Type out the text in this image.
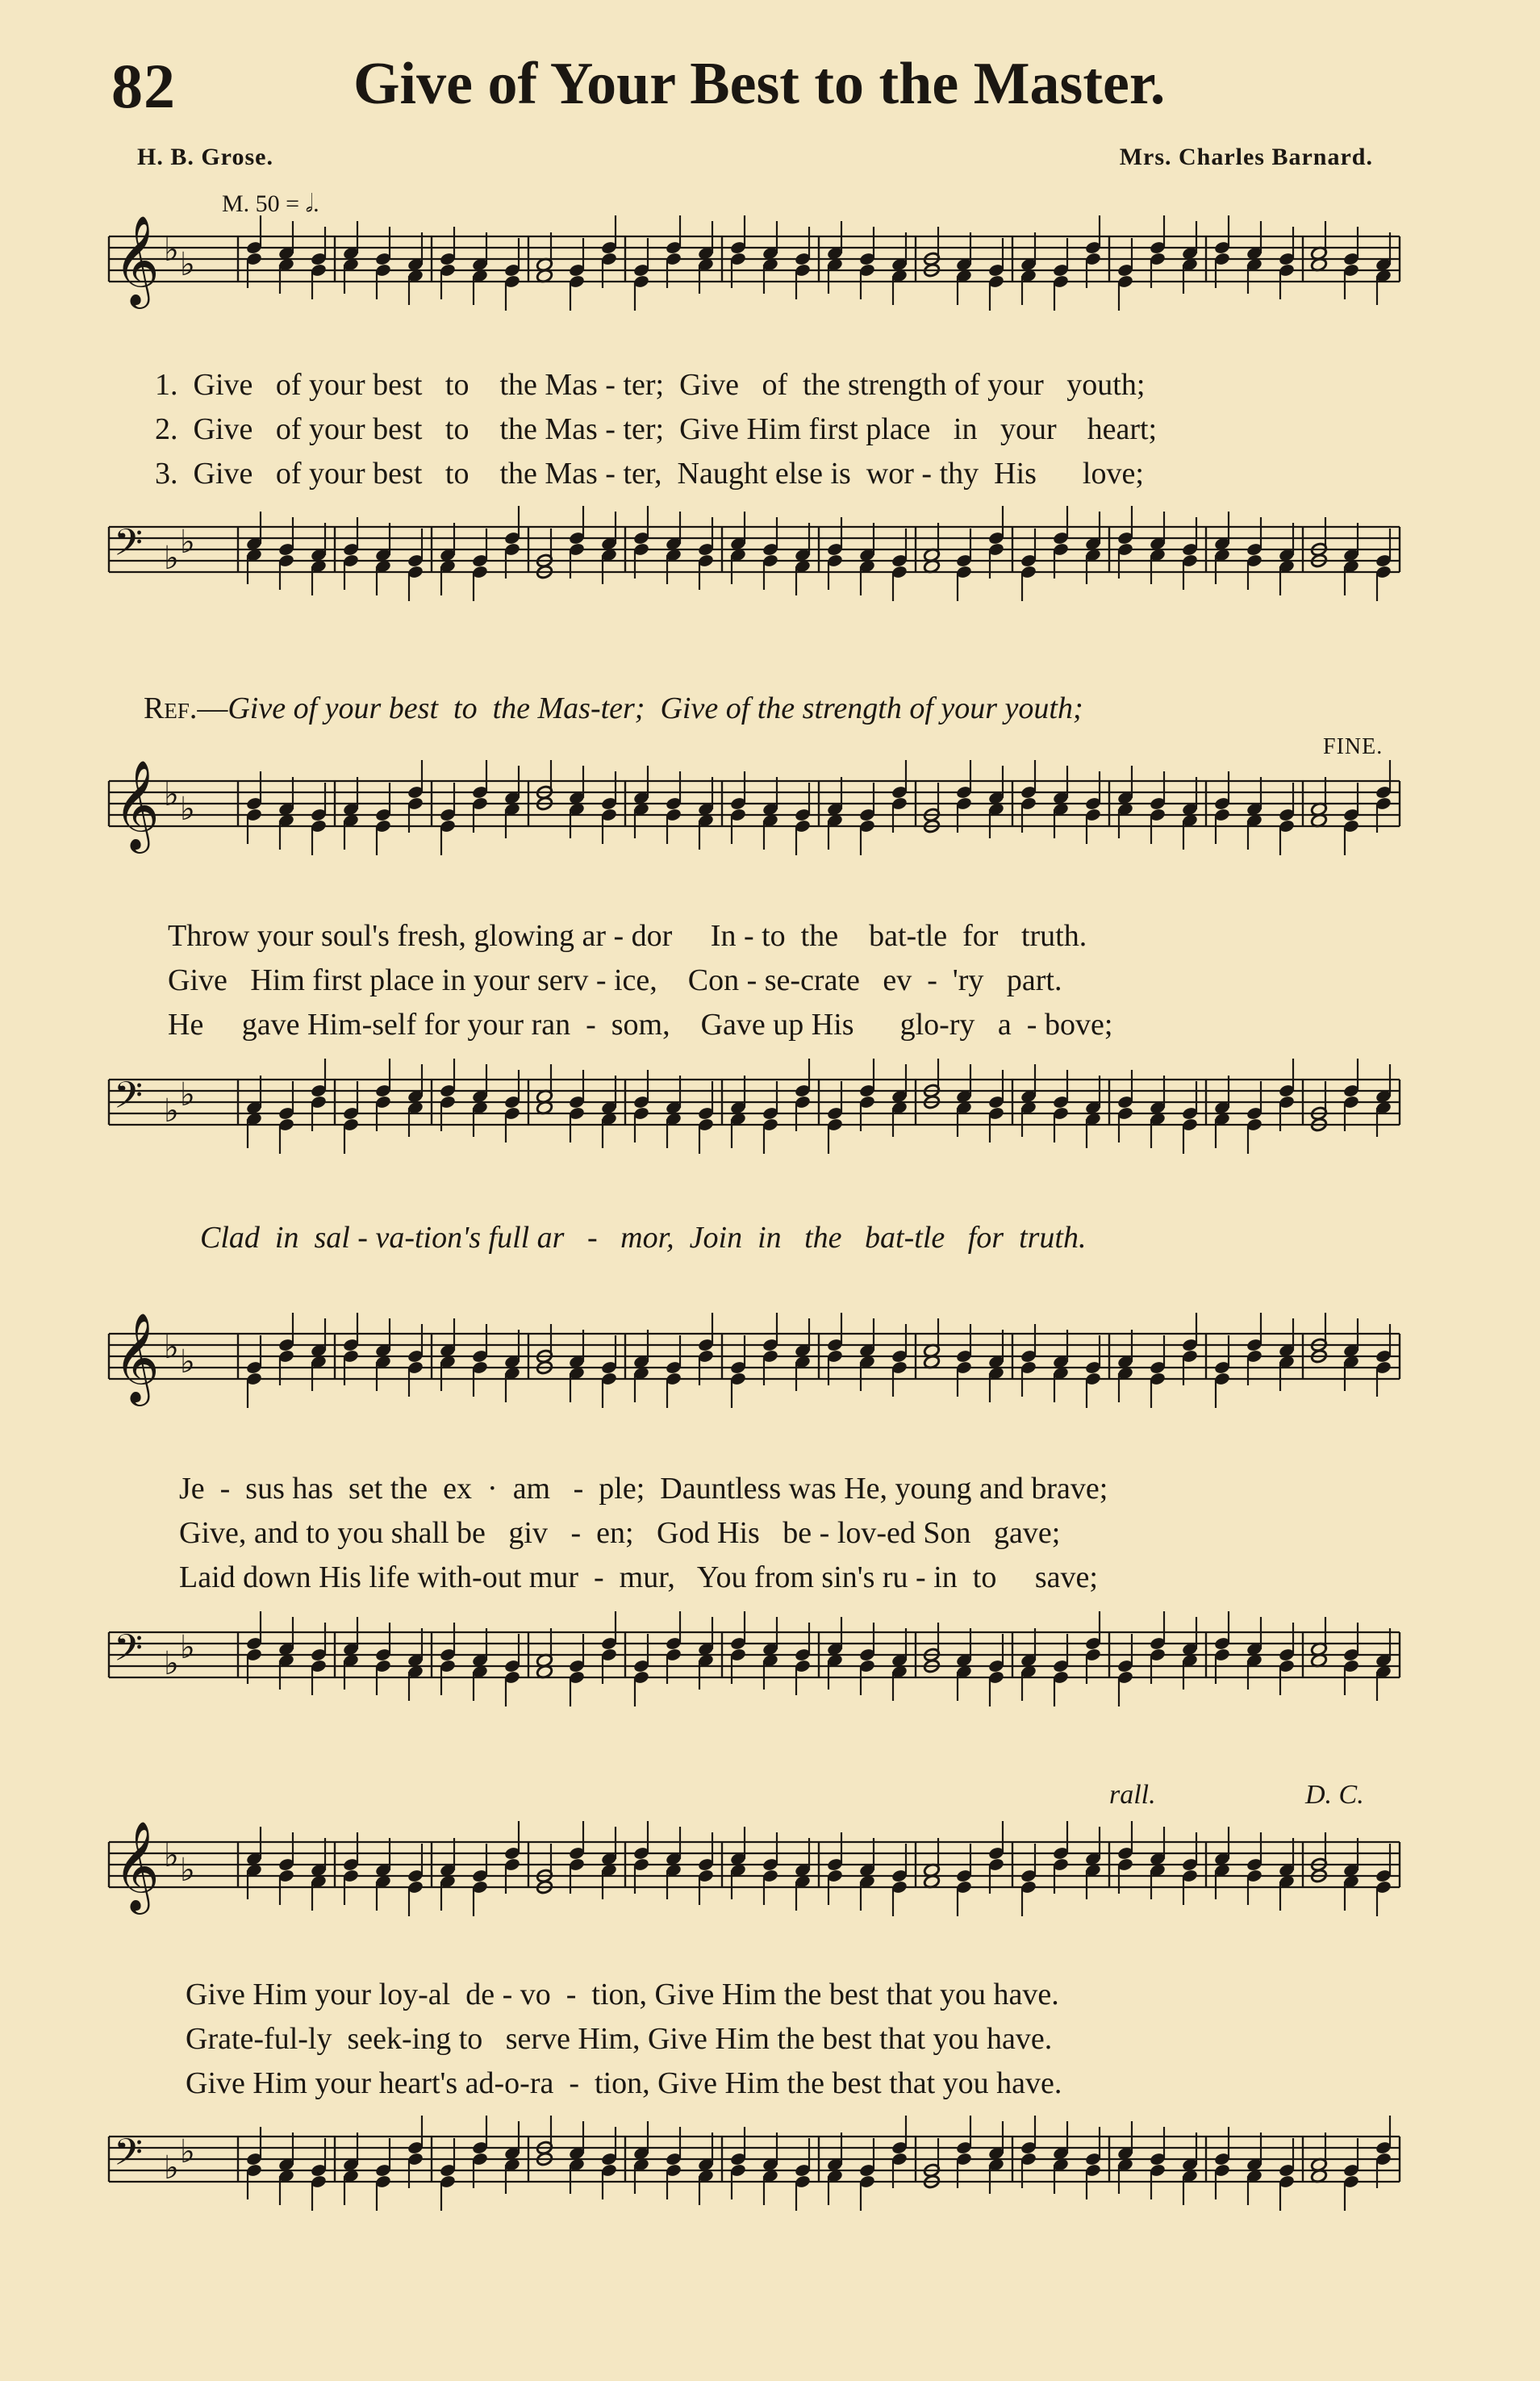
82	Give of Your Best to the Master.
H. B. Grose.	Mrs. Charles Barnard.
M. 50 = 𝅗𝅥.
FINE.
rall.	D. C.
𝄞 ♭ ♭
1.  Give   of your best   to    the Mas - ter;  Give   of  the strength of your   youth;
2.  Give   of your best   to    the Mas - ter;  Give Him first place   in   your    heart;
3.  Give   of your best   to    the Mas - ter,  Naught else is  wor - thy  His      love;
𝄢 ♭ ♭

Ref.—Give of your best  to  the Mas-ter;  Give of the strength of your youth;

𝄞 ♭ ♭
Throw your soul's fresh, glowing ar - dor     In - to  the    bat-tle  for   truth.
Give   Him first place in your serv - ice,    Con - se-crate   ev  -  'ry   part.
He     gave Him-self for your ran  -  som,    Gave up His      glo-ry   a  - bove;
𝄢 ♭ ♭
Clad  in  sal - va-tion's full ar   -   mor,  Join  in   the   bat-tle   for  truth.
𝄞 ♭ ♭
Je  -  sus has  set the  ex  ·  am   -  ple;  Dauntless was He, young and brave;
Give, and to you shall be   giv   -  en;   God His   be - lov-ed Son   gave;
Laid down His life with-out mur  -  mur,   You from sin's ru - in  to     save;
𝄢 ♭ ♭
𝄞 ♭ ♭
Give Him your loy-al  de - vo  -  tion, Give Him the best that you have.
Grate-ful-ly  seek-ing to   serve Him, Give Him the best that you have.
Give Him your heart's ad-o-ra  -  tion, Give Him the best that you have.
𝄢 ♭ ♭
